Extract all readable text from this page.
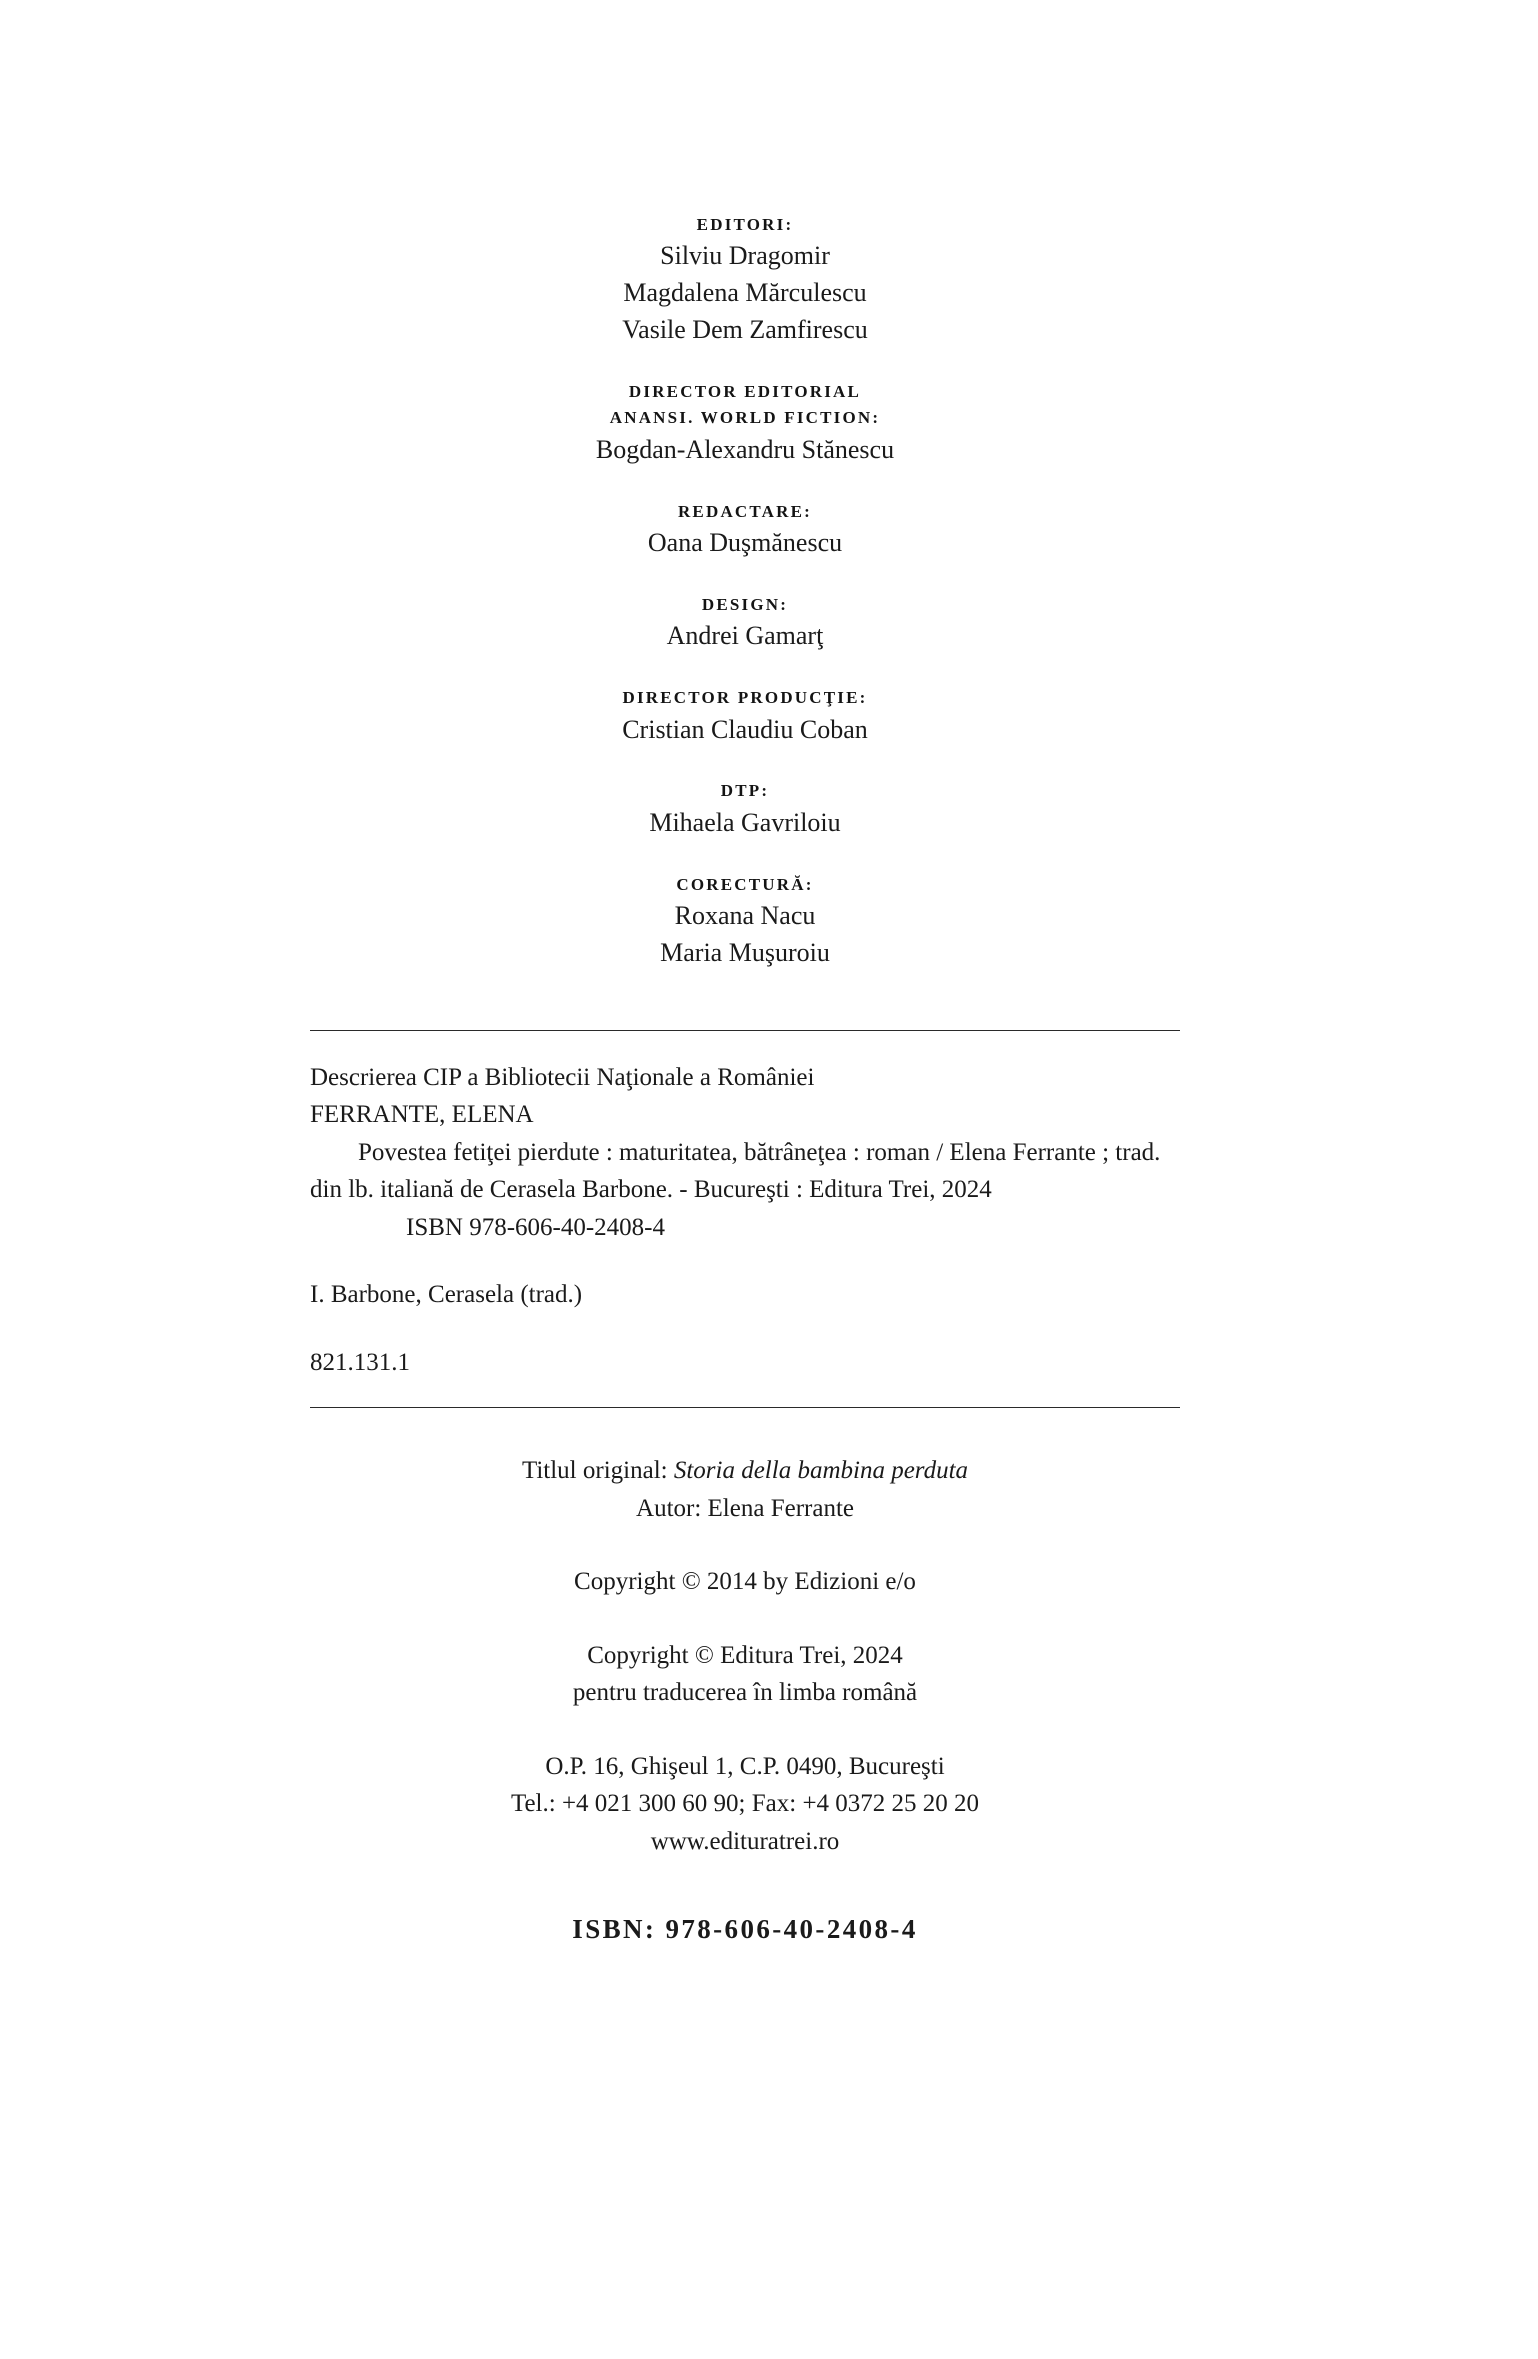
EDITORI:
Silviu Dragomir
Magdalena Mărculescu
Vasile Dem Zamfirescu
DIRECTOR EDITORIAL
ANANSI. WORLD FICTION:
Bogdan-Alexandru Stănescu
REDACTARE:
Oana Duşmănescu
DESIGN:
Andrei Gamarţ
DIRECTOR PRODUCŢIE:
Cristian Claudiu Coban
DTP:
Mihaela Gavriloiu
CORECTURĂ:
Roxana Nacu
Maria Muşuroiu

Descrierea CIP a Bibliotecii Naţionale a României

FERRANTE, ELENA

Povestea fetiţei pierdute : maturitatea, bătrâneţea : roman / Elena Ferrante ; trad. din lb. italiană de Cerasela Barbone. - Bucureşti : Editura Trei, 2024

ISBN 978-606-40-2408-4

I. Barbone, Cerasela (trad.)

821.131.1

Titlul original: Storia della bambina perduta
Autor: Elena Ferrante
Copyright © 2014 by Edizioni e/o
Copyright © Editura Trei, 2024
pentru traducerea în limba română
O.P. 16, Ghişeul 1, C.P. 0490, Bucureşti
Tel.: +4 021 300 60 90; Fax: +4 0372 25 20 20
www.edituratrei.ro
ISBN: 978-606-40-2408-4
